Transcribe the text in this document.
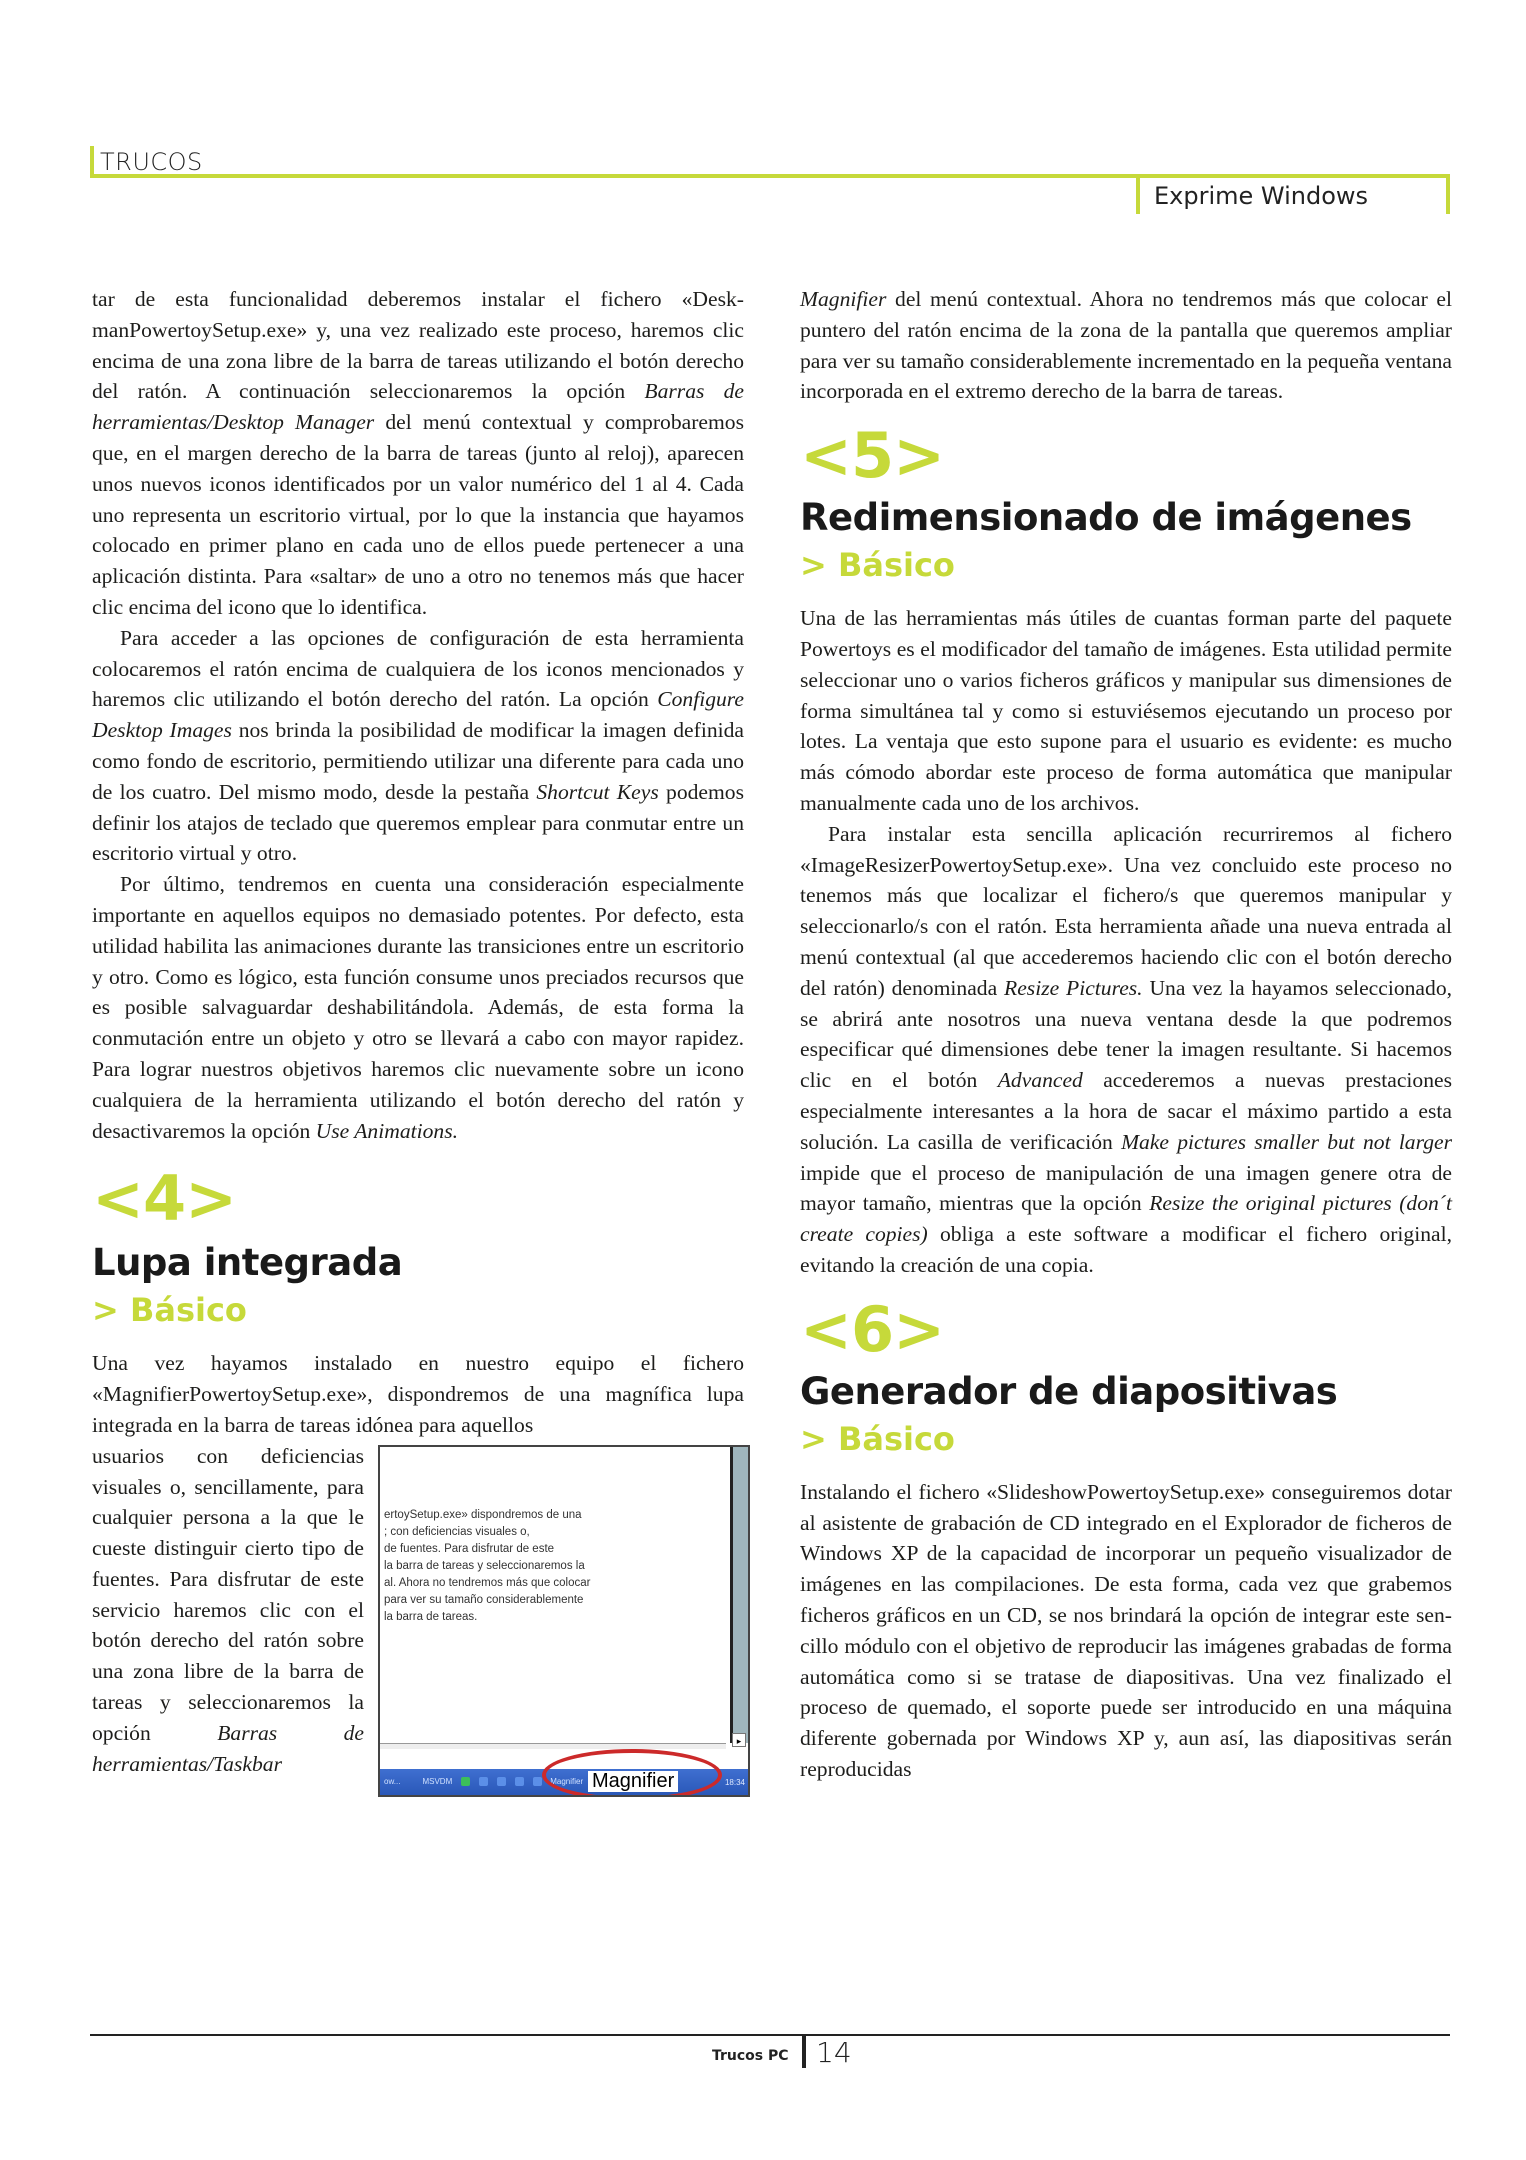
TRUCOS
Exprime Windows

tar de esta funcionalidad deberemos instalar el fichero «DeskmanPowertoySetup.exe» y, una vez realizado este proceso, haremos clic encima de una zona libre de la barra de tareas utilizando el botón derecho del ratón. A continuación seleccionaremos la opción Barras de herramientas/Desktop Manager del menú contextual y comprobaremos que, en el margen derecho de la barra de tareas (junto al reloj), aparecen unos nuevos iconos identificados por un valor numérico del 1 al 4. Cada uno representa un escritorio virtual, por lo que la instancia que hayamos colocado en primer plano en cada uno de ellos puede pertenecer a una aplicación distinta. Para «saltar» de uno a otro no tenemos más que hacer clic encima del icono que lo identifica.

Para acceder a las opciones de configuración de esta herramienta colocaremos el ratón encima de cualquiera de los iconos mencionados y haremos clic utilizando el botón derecho del ratón. La opción Configure Desktop Images nos brinda la posibilidad de modificar la imagen definida como fondo de escritorio, permitiendo utilizar una diferente para cada uno de los cuatro. Del mismo modo, desde la pestaña Shortcut Keys podemos definir los atajos de teclado que queremos emplear para conmutar entre un escritorio virtual y otro.

Por último, tendremos en cuenta una consideración especialmente importante en aquellos equipos no demasiado potentes. Por defecto, esta utilidad habilita las animaciones durante las transiciones entre un escritorio y otro. Como es lógico, esta función consume unos preciados recursos que es posible salvaguardar deshabilitándola. Además, de esta forma la conmutación entre un objeto y otro se llevará a cabo con mayor rapidez. Para lograr nuestros objetivos haremos clic nuevamente sobre un icono cualquiera de la herramienta utilizando el botón derecho del ratón y desactivaremos la opción Use Animations.

<4>
Lupa integrada
> Básico

Una vez hayamos instalado en nuestro equipo el fichero «MagnifierPowertoySetup.exe», dispondremos de una magnífica lupa integrada en la barra de tareas idónea para aquellos

ertoySetup.exe» dispondremos de una
; con deficiencias visuales o,
de fuentes. Para disfrutar de este
la barra de tareas y seleccionaremos la
al. Ahora no tendremos más que colocar
para ver su tamaño considerablemente
la barra de tareas.
▸
ow...	MSVDM	Magnifier Magnifier	18:34

usuarios con deficiencias visuales o, sencillamente, para cualquier persona a la que le cueste distinguir cierto tipo de fuentes. Para disfrutar de este servicio haremos clic con el botón derecho del ratón sobre una zona libre de la barra de tareas y seleccionaremos la opción Barras de herramientas/Taskbar

Magnifier del menú contextual. Ahora no tendremos más que colocar el puntero del ratón encima de la zona de la pantalla que queremos ampliar para ver su tamaño considerablemente incrementado en la pequeña ventana incorporada en el extremo derecho de la barra de tareas.

<5>
Redimensionado de imágenes
> Básico

Una de las herramientas más útiles de cuantas forman parte del paquete Powertoys es el modificador del tamaño de imágenes. Esta utilidad permite seleccionar uno o varios ficheros gráficos y manipular sus dimensiones de forma simultánea tal y como si estuviésemos ejecutando un proceso por lotes. La ventaja que esto supone para el usuario es evidente: es mucho más cómodo abordar este proceso de forma automática que manipular manualmente cada uno de los archivos.

Para instalar esta sencilla aplicación recurriremos al fichero «ImageResizerPowertoySetup.exe». Una vez concluido este proceso no tenemos más que localizar el fichero/s que queremos manipular y seleccionarlo/s con el ratón. Esta herramienta añade una nueva entrada al menú contextual (al que accederemos haciendo clic con el botón derecho del ratón) denominada Resize Pictures. Una vez la hayamos seleccionado, se abrirá ante nosotros una nueva ventana desde la que podremos especificar qué dimensiones debe tener la imagen resultante. Si hacemos clic en el botón Advanced accederemos a nuevas prestaciones especialmente interesantes a la hora de sacar el máximo partido a esta solución. La casilla de verificación Make pictures smaller but not larger impide que el proceso de manipulación de una imagen genere otra de mayor tamaño, mientras que la opción Resize the original pictures (don´t create copies) obliga a este software a modificar el fichero original, evitando la creación de una copia.

<6>
Generador de diapositivas
> Básico

Instalando el fichero «SlideshowPowertoySetup.exe» conseguiremos dotar al asistente de grabación de CD integrado en el Explorador de ficheros de Windows XP de la capacidad de incorporar un pequeño visualizador de imágenes en las compilaciones. De esta forma, cada vez que grabemos ficheros gráficos en un CD, se nos brindará la opción de integrar este sencillo módulo con el objetivo de reproducir las imágenes grabadas de forma automática como si se tratase de diapositivas. Una vez finalizado el proceso de quemado, el soporte puede ser introducido en una máquina diferente gobernada por Windows XP y, aun así, las diapositivas serán reproducidas

Trucos PC 14
